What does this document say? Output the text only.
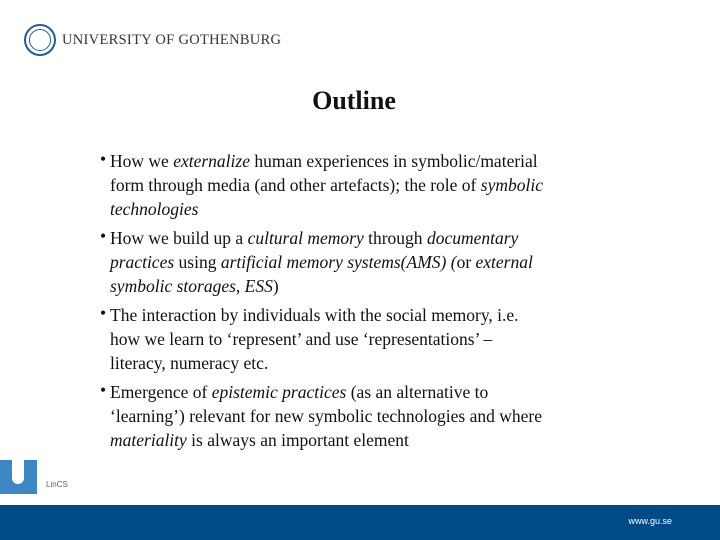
UNIVERSITY OF GOTHENBURG
Outline
• How we externalize human experiences in symbolic/material
form through media (and other artefacts); the role of symbolic
technologies
• How we build up a cultural memory through documentary
practices using artificial memory systems(AMS) (or external
symbolic storages, ESS)
• The interaction by individuals with the social memory, i.e.
how we learn to ‘represent’ and use ‘representations’ –
literacy, numeracy etc.
• Emergence of epistemic practices (as an alternative to
‘learning’) relevant for new symbolic technologies and where
materiality is always an important element
LinCS
www.gu.se
